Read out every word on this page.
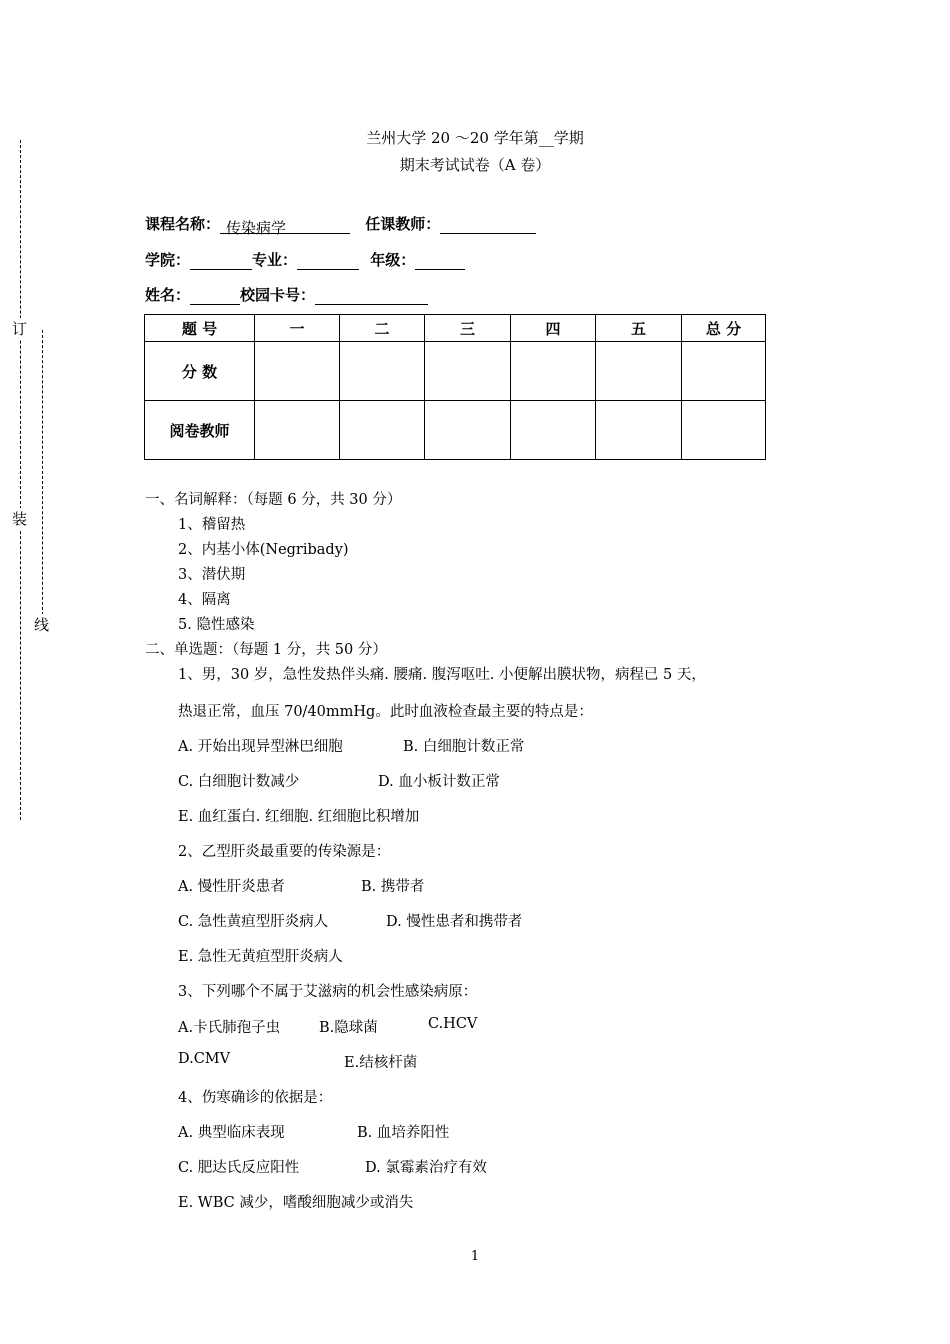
订
装
线
兰州大学 20 ～20 学年第__学期
期末考试试卷（A 卷）
课程名称： 传染病学	任课教师：
学院：	专业：	年级：
姓名：	校园卡号：
题 号	一	二	三	四	五	总 分
分 数						
阅卷教师						
一、名词解释：（每题 6 分，共 30 分）
1、稽留热
2、内基小体(Negribady)
3、潜伏期
4、隔离
5. 隐性感染
二、单选题：（每题 1 分，共 50 分）
1、男，30 岁，急性发热伴头痛. 腰痛. 腹泻呕吐. 小便解出膜状物，病程已 5 天，
热退正常，血压 70/40mmHg。此时血液检查最主要的特点是：
A. 开始出现异型淋巴细胞	B. 白细胞计数正常
C. 白细胞计数减少	D. 血小板计数正常
E. 血红蛋白. 红细胞. 红细胞比积增加
2、乙型肝炎最重要的传染源是：
A. 慢性肝炎患者	B. 携带者
C. 急性黄疸型肝炎病人	D. 慢性患者和携带者
E. 急性无黄疸型肝炎病人
3、下列哪个不属于艾滋病的机会性感染病原：
A.卡氏肺孢子虫	B.隐球菌	C.HCV
D.CMV	E.结核杆菌
4、伤寒确诊的依据是：
A. 典型临床表现	B. 血培养阳性
C. 肥达氏反应阳性	D. 氯霉素治疗有效
E. WBC 减少，嗜酸细胞减少或消失
1
